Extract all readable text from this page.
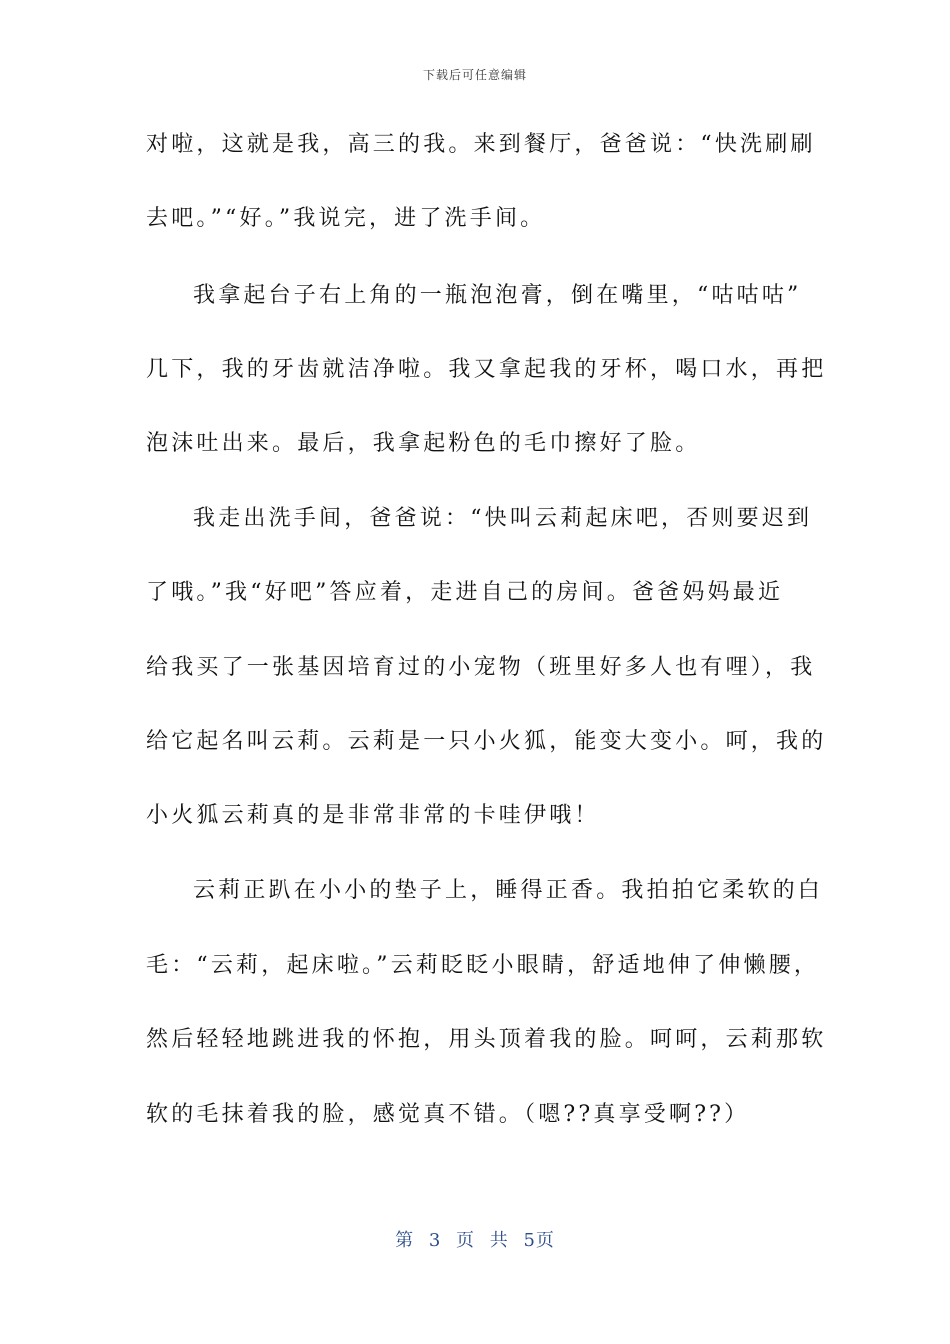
下载后可任意编辑
对啦，这就是我，高三的我。来到餐厅，爸爸说：“快洗刷刷
去吧。”“好。”我说完，进了洗手间。
我拿起台子右上角的一瓶泡泡膏，倒在嘴里，“咕咕咕”
几下，我的牙齿就洁净啦。我又拿起我的牙杯，喝口水，再把
泡沫吐出来。最后，我拿起粉色的毛巾擦好了脸。
我走出洗手间，爸爸说：“快叫云莉起床吧，否则要迟到
了哦。”我“好吧”答应着，走进自己的房间。爸爸妈妈最近
给我买了一张基因培育过的小宠物（班里好多人也有哩），我
给它起名叫云莉。云莉是一只小火狐，能变大变小。呵，我的
小火狐云莉真的是非常非常的卡哇伊哦！
云莉正趴在小小的垫子上，睡得正香。我拍拍它柔软的白
毛：“云莉，起床啦。”云莉眨眨小眼睛，舒适地伸了伸懒腰，
然后轻轻地跳进我的怀抱，用头顶着我的脸。呵呵，云莉那软
软的毛抹着我的脸，感觉真不错。（嗯??真享受啊??）
第 3 页 共 5页
